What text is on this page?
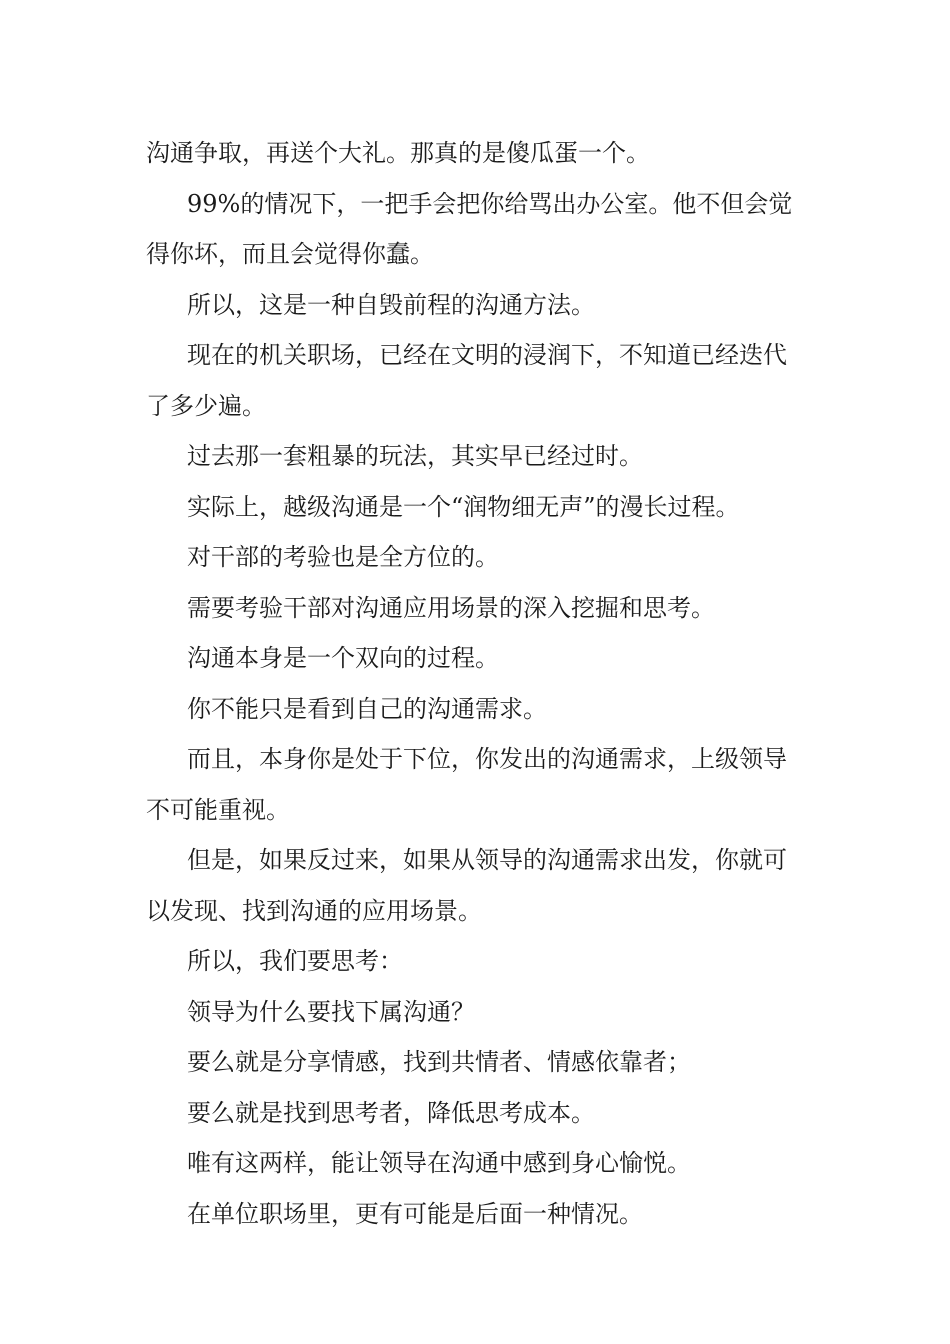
沟通争取，再送个大礼。那真的是傻瓜蛋一个。

99%的情况下，一把手会把你给骂出办公室。他不但会觉得你坏，而且会觉得你蠢。

所以，这是一种自毁前程的沟通方法。

现在的机关职场，已经在文明的浸润下，不知道已经迭代了多少遍。

过去那一套粗暴的玩法，其实早已经过时。

实际上，越级沟通是一个“润物细无声”的漫长过程。

对干部的考验也是全方位的。

需要考验干部对沟通应用场景的深入挖掘和思考。

沟通本身是一个双向的过程。

你不能只是看到自己的沟通需求。

而且，本身你是处于下位，你发出的沟通需求，上级领导不可能重视。

但是，如果反过来，如果从领导的沟通需求出发，你就可以发现、找到沟通的应用场景。

所以，我们要思考：

领导为什么要找下属沟通？

要么就是分享情感，找到共情者、情感依靠者；

要么就是找到思考者，降低思考成本。

唯有这两样，能让领导在沟通中感到身心愉悦。

在单位职场里，更有可能是后面一种情况。
